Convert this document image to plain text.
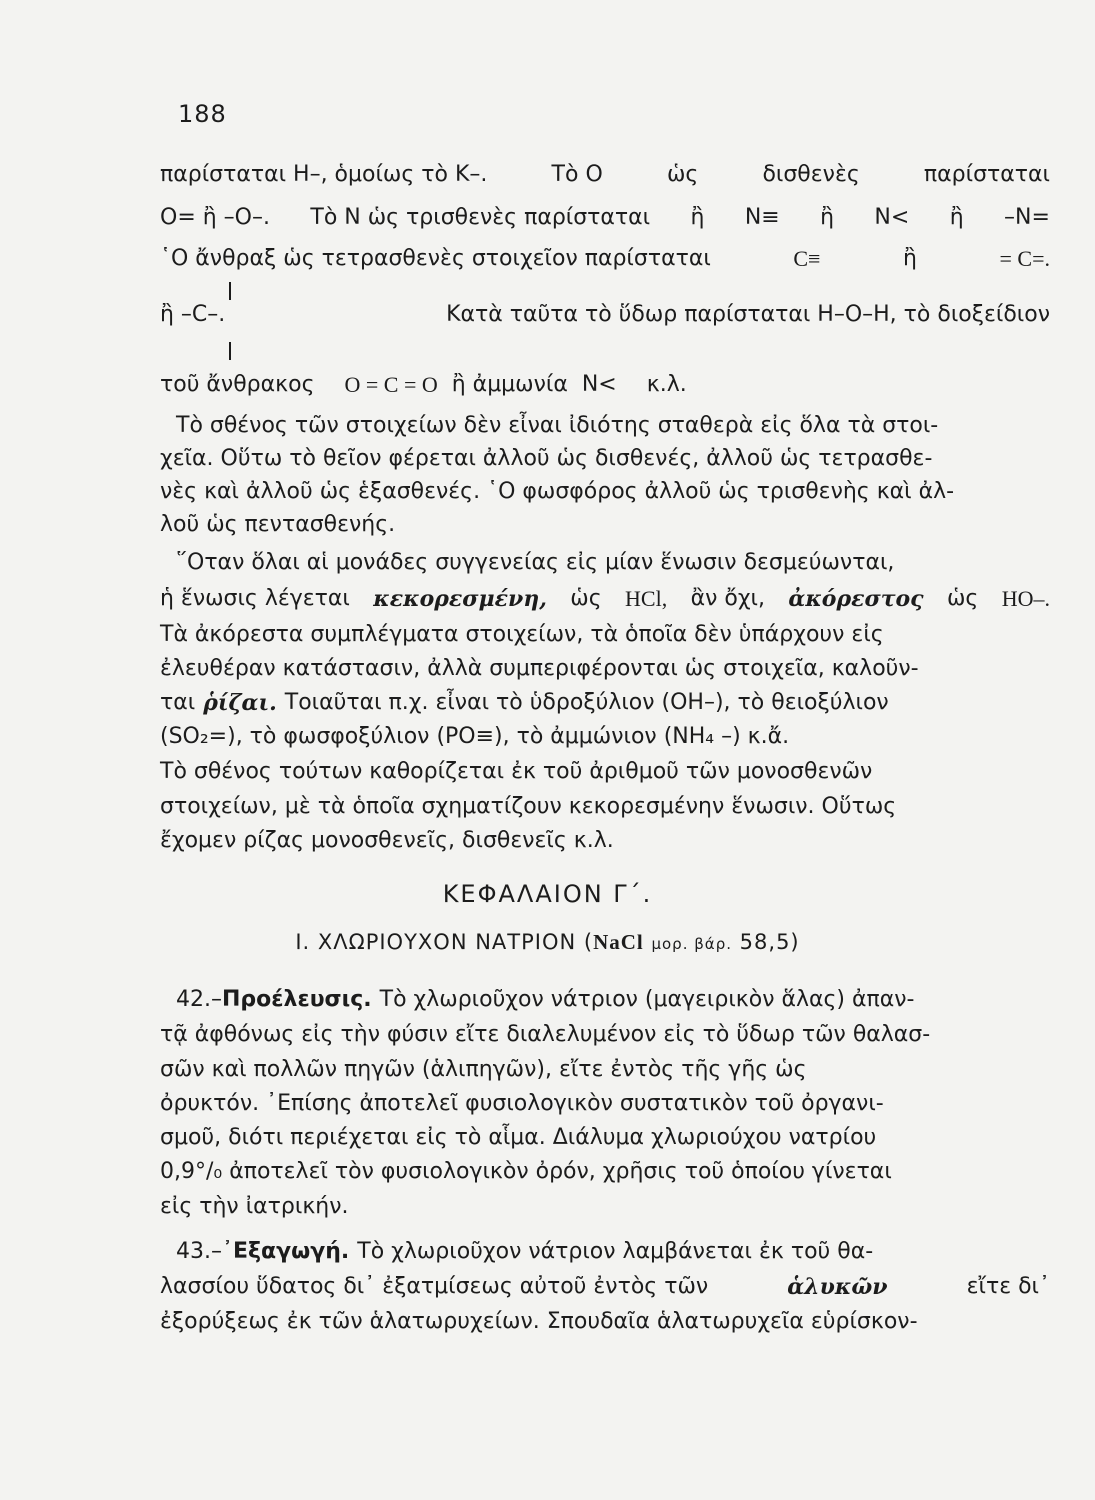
188
παρίσταται Η–, ὁμοίως τὸ Κ–.	Τὸ Ο	ὡς	δισθενὲς	παρίσταται
Ο= ἢ –Ο–. Τὸ Ν ὡς τρισθενὲς παρίσταται ἢ Ν≡ ἢ Ν< ἢ –Ν=
῾Ο ἄνθραξ ὡς τετρασθενὲς στοιχεῖον παρίσταται	C≡	ἢ	= C=.
ἢ –C–.	Κατὰ ταῦτα τὸ ὕδωρ παρίσταται Η–Ο–Η, τὸ διοξείδιον
τοῦ ἄνθρακος O = C = O ἢ ἀμμωνία Ν< κ.λ.
Τὸ σθένος τῶν στοιχείων δὲν εἶναι ἰδιότης σταθερὰ εἰς ὅλα τὰ στοι-
χεῖα. Οὕτω τὸ θεῖον φέρεται ἀλλοῦ ὡς δισθενές, ἀλλοῦ ὡς τετρασθε-
νὲς καὶ ἀλλοῦ ὡς ἑξασθενές. ῾Ο φωσφόρος ἀλλοῦ ὡς τρισθενὴς καὶ ἀλ-
λοῦ ὡς πεντασθενής.
῞Οταν ὅλαι αἱ μονάδες συγγενείας εἰς μίαν ἕνωσιν δεσμεύωνται,
ἡ ἕνωσις λέγεται κεκορεσμένη, ὡς HCl, ἂν ὄχι, ἀκόρεστος ὡς HO–.
Τὰ ἀκόρεστα συμπλέγματα στοιχείων, τὰ ὁποῖα δὲν ὑπάρχουν εἰς
ἐλευθέραν κατάστασιν, ἀλλὰ συμπεριφέρονται ὡς στοιχεῖα, καλοῦν-
ται ῥίζαι. Τοιαῦται π.χ. εἶναι τὸ ὑδροξύλιον (OH–), τὸ θειοξύλιον
(SO₂=), τὸ φωσφοξύλιον (PO≡), τὸ ἀμμώνιον (NH₄ –) κ.ἄ.
Τὸ σθένος τούτων καθορίζεται ἐκ τοῦ ἀριθμοῦ τῶν μονοσθενῶν
στοιχείων, μὲ τὰ ὁποῖα σχηματίζουν κεκορεσμένην ἕνωσιν. Οὕτως
ἔχομεν ρίζας μονοσθενεῖς, δισθενεῖς κ.λ.
ΚΕΦΑΛΑΙΟΝ Γ΄.
Ι. ΧΛΩΡΙΟΥΧΟΝ ΝΑΤΡΙΟΝ (NaCl μορ. βάρ. 58,5)
42.– Προέλευσις. Τὸ χλωριοῦχον νάτριον (μαγειρικὸν ἅλας) ἀπαν-
τᾷ ἀφθόνως εἰς τὴν φύσιν εἴτε διαλελυμένον εἰς τὸ ὕδωρ τῶν θαλασ-
σῶν καὶ πολλῶν πηγῶν (ἁλιπηγῶν), εἴτε ἐντὸς τῆς γῆς ὡς
ὀρυκτόν. ᾿Επίσης ἀποτελεῖ φυσιολογικὸν συστατικὸν τοῦ ὀργανι-
σμοῦ, διότι περιέχεται εἰς τὸ αἷμα. Διάλυμα χλωριούχου νατρίου
0,9°/₀ ἀποτελεῖ τὸν φυσιολογικὸν ὀρόν, χρῆσις τοῦ ὁποίου γίνεται
εἰς τὴν ἰατρικήν.
43.– ᾿Εξαγωγή. Τὸ χλωριοῦχον νάτριον λαμβάνεται ἐκ τοῦ θα-
λασσίου ὕδατος δι᾿ ἐξατμίσεως αὐτοῦ ἐντὸς τῶν	ἁλυκῶν	εἴτε δι᾿
ἐξορύξεως ἐκ τῶν ἁλατωρυχείων. Σπουδαῖα ἁλατωρυχεῖα εὑρίσκον-
